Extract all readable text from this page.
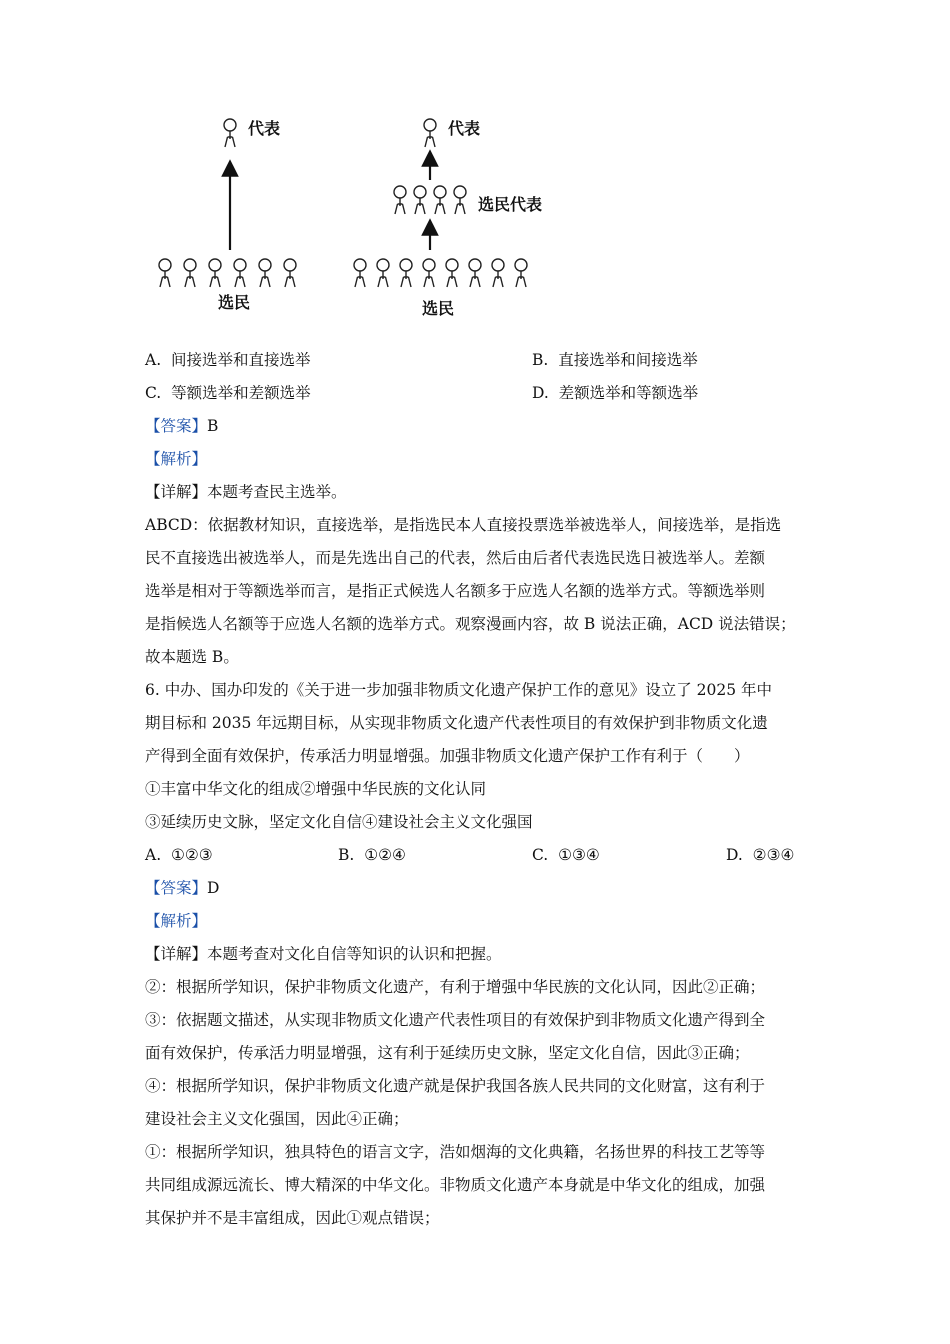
代表
选民
代表
选民代表
选民
A. 间接选举和直接选举	B. 直接选举和间接选举
C. 等额选举和差额选举	D. 差额选举和等额选举
【答案】B
【解析】
【详解】本题考查民主选举。
ABCD：依据教材知识，直接选举，是指选民本人直接投票选举被选举人，间接选举，是指选
民不直接选出被选举人，而是先选出自己的代表，然后由后者代表选民选日被选举人。差额
选举是相对于等额选举而言，是指正式候选人名额多于应选人名额的选举方式。等额选举则
是指候选人名额等于应选人名额的选举方式。观察漫画内容，故 B 说法正确，ACD 说法错误；
故本题选 B。
6. 中办、国办印发的《关于进一步加强非物质文化遗产保护工作的意见》设立了 2025 年中
期目标和 2035 年远期目标，从实现非物质文化遗产代表性项目的有效保护到非物质文化遗
产得到全面有效保护，传承活力明显增强。加强非物质文化遗产保护工作有利于（　　）
①丰富中华文化的组成②增强中华民族的文化认同
③延续历史文脉，坚定文化自信④建设社会主义文化强国
A. ①②③	B. ①②④	C. ①③④	D. ②③④
【答案】D
【解析】
【详解】本题考查对文化自信等知识的认识和把握。
②：根据所学知识，保护非物质文化遗产，有利于增强中华民族的文化认同，因此②正确；
③：依据题文描述，从实现非物质文化遗产代表性项目的有效保护到非物质文化遗产得到全
面有效保护，传承活力明显增强，这有利于延续历史文脉，坚定文化自信，因此③正确；
④：根据所学知识，保护非物质文化遗产就是保护我国各族人民共同的文化财富，这有利于
建设社会主义文化强国，因此④正确；
①：根据所学知识，独具特色的语言文字，浩如烟海的文化典籍，名扬世界的科技工艺等等
共同组成源远流长、博大精深的中华文化。非物质文化遗产本身就是中华文化的组成，加强
其保护并不是丰富组成，因此①观点错误；
